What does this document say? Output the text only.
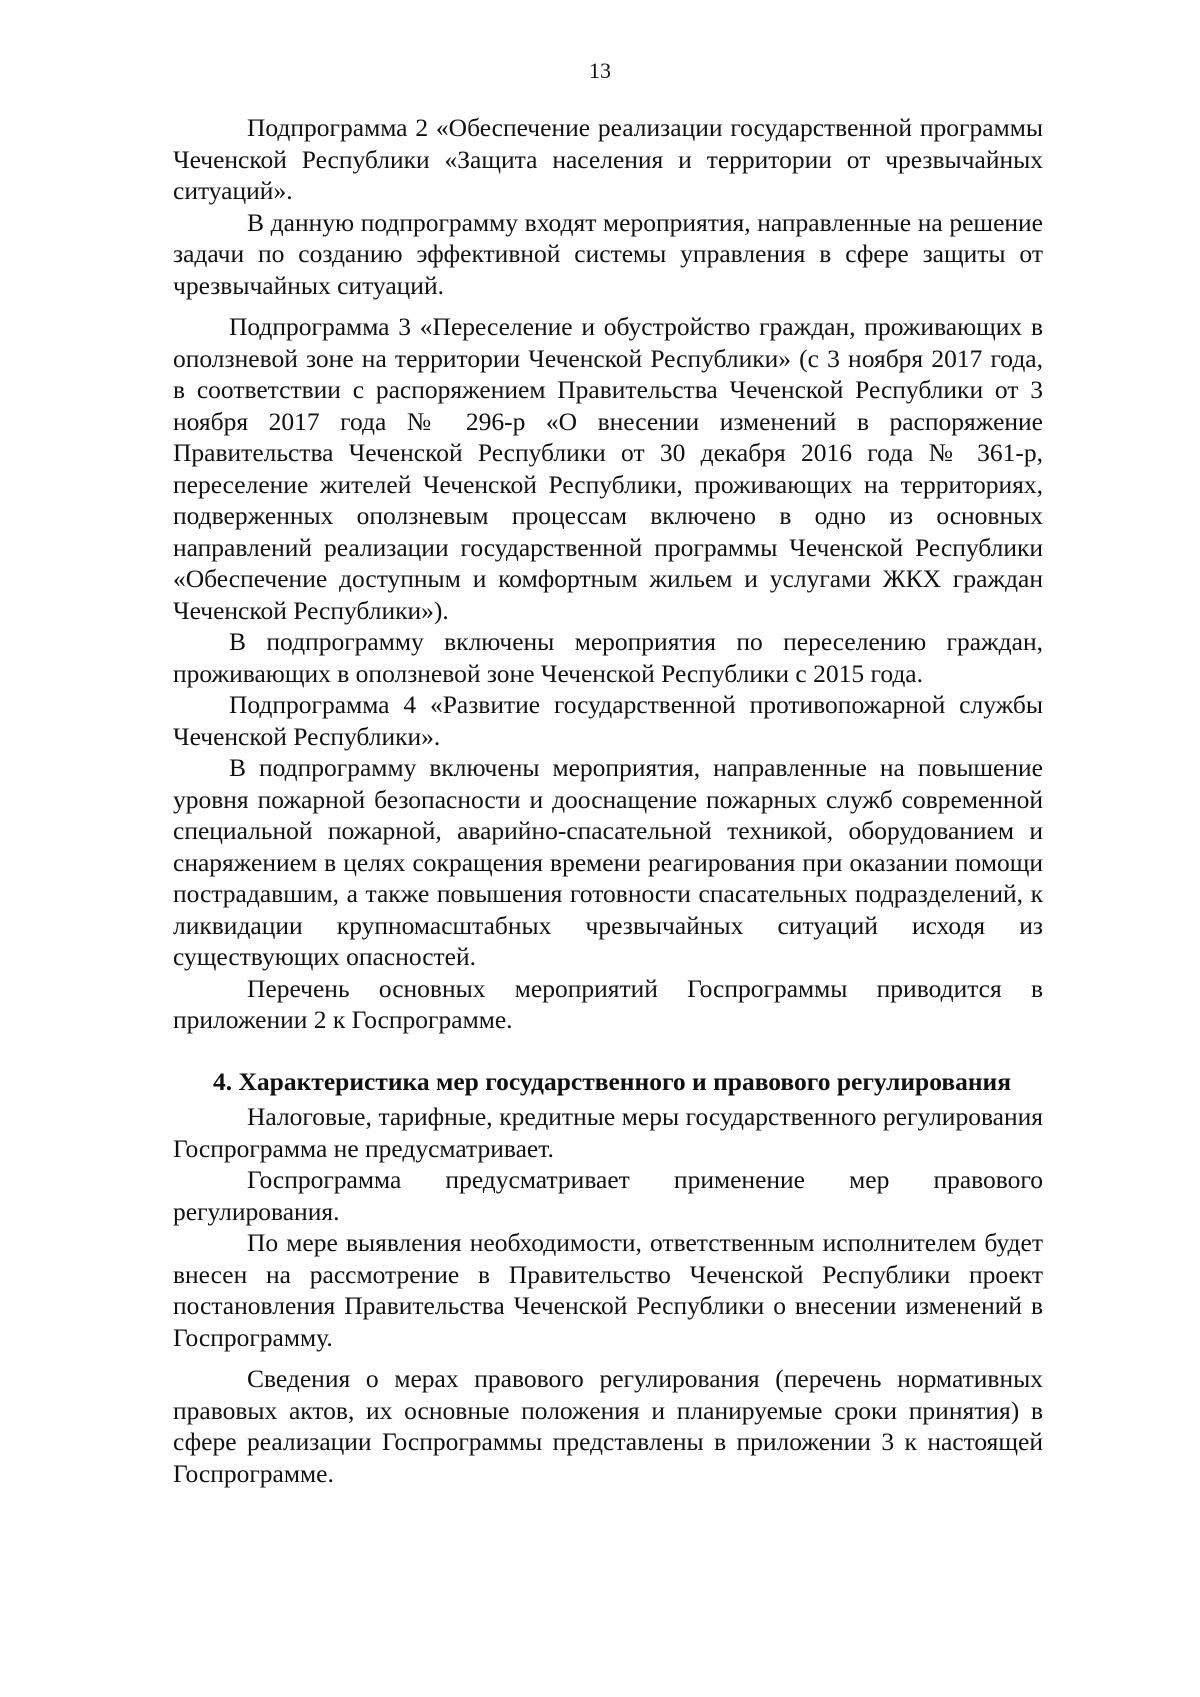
13

Подпрограмма 2 «Обеспечение реализации государственной программы Чеченской Республики «Защита населения и территории от чрезвычайных ситуаций».

В данную подпрограмму входят мероприятия, направленные на решение задачи по созданию эффективной системы управления в сфере защиты от чрезвычайных ситуаций.

Подпрограмма 3 «Переселение и обустройство граждан, проживающих в оползневой зоне на территории Чеченской Республики» (с 3 ноября 2017 года, в соответствии с распоряжением Правительства Чеченской Республики от 3 ноября 2017 года № 296-р «О внесении изменений в распоряжение Правительства Чеченской Республики от 30 декабря 2016 года № 361-р, переселение жителей Чеченской Республики, проживающих на территориях, подверженных оползневым процессам включено в одно из основных направлений реализации государственной программы Чеченской Республики «Обеспечение доступным и комфортным жильем и услугами ЖКХ граждан Чеченской Республики»).

В подпрограмму включены мероприятия по переселению граждан, проживающих в оползневой зоне Чеченской Республики с 2015 года.

Подпрограмма 4 «Развитие государственной противопожарной службы Чеченской Республики».

В подпрограмму включены мероприятия, направленные на повышение уровня пожарной безопасности и дооснащение пожарных служб современной специальной пожарной, аварийно-спасательной техникой, оборудованием и снаряжением в целях сокращения времени реагирования при оказании помощи пострадавшим, а также повышения готовности спасательных подразделений, к ликвидации крупномасштабных чрезвычайных ситуаций исходя из существующих опасностей.

Перечень основных мероприятий Госпрограммы приводится в приложении 2 к Госпрограмме.

4. Характеристика мер государственного и правового регулирования

Налоговые, тарифные, кредитные меры государственного регулирования Госпрограмма не предусматривает.

Госпрограмма предусматривает применение мер правового регулирования.

По мере выявления необходимости, ответственным исполнителем будет внесен на рассмотрение в Правительство Чеченской Республики проект постановления Правительства Чеченской Республики о внесении изменений в Госпрограмму.

Сведения о мерах правового регулирования (перечень нормативных правовых актов, их основные положения и планируемые сроки принятия) в сфере реализации Госпрограммы представлены в приложении 3 к настоящей Госпрограмме.
